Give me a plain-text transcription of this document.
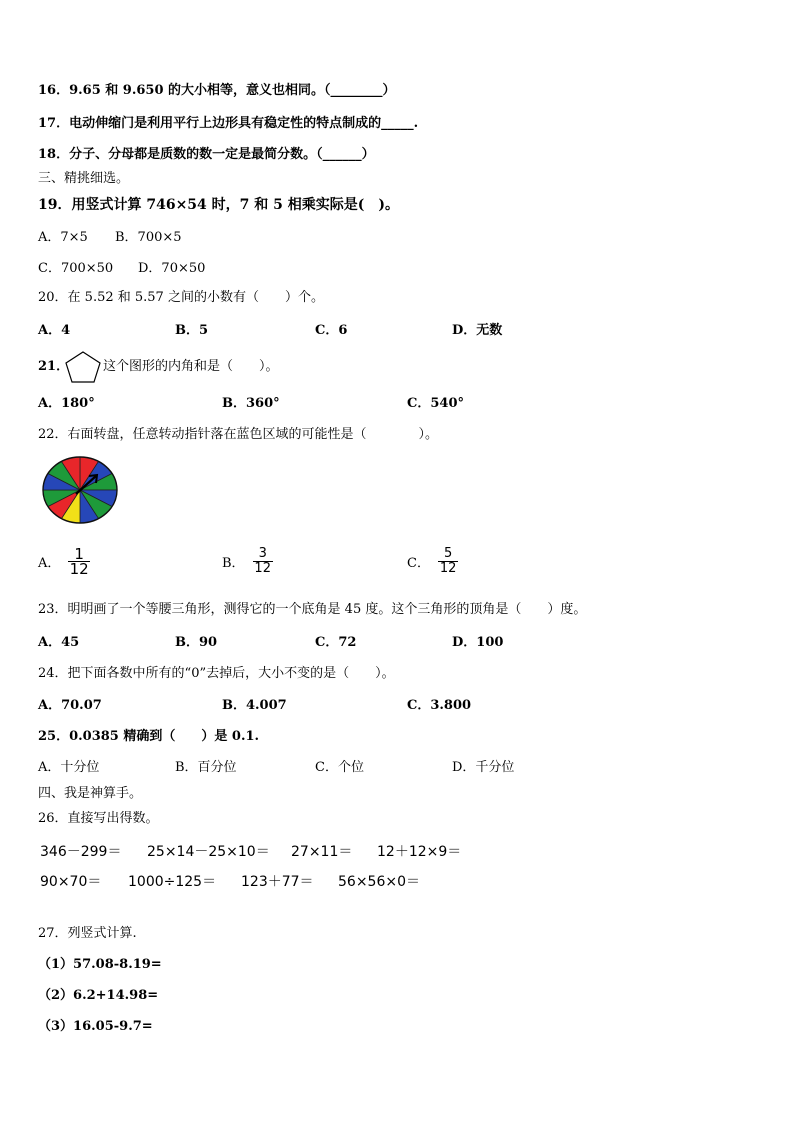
16．9.65 和 9.650 的大小相等，意义也相同。（________）
17．电动伸缩门是利用平行上边形具有稳定性的特点制成的_____.
18．分子、分母都是质数的数一定是最简分数。（______）
三、精挑细选。
19．用竖式计算 746×54 时，7 和 5 相乘实际是(　)。
A．7×5 B．700×5
C．700×50 D．70×50
20．在 5.52 和 5.57 之间的小数有（　　）个。
A．4	B．5	C．6	D．无数
21．	这个图形的内角和是（　　）。
A．180°	B．360°	C．540°
22．右面转盘，任意转动指针落在蓝色区域的可能性是（　　　　）。
A． $\frac{1}{12}$	B． $\frac{3}{12}$	C． $\frac{5}{12}$
23．明明画了一个等腰三角形，测得它的一个底角是 45 度。这个三角形的顶角是（　　）度。
A．45	B．90	C．72	D．100
24．把下面各数中所有的“0”去掉后，大小不变的是（　　）。
A．70.07	B．4.007	C．3.800
25．0.0385 精确到（　　）是 0.1.
A．十分位	B．百分位	C．个位	D．千分位
四、我是神算手。
26．直接写出得数。
346－299＝ 25×14－25×10＝ 27×11＝ 12＋12×9＝
90×70＝ 1000÷125＝ 123＋77＝ 56×56×0＝
27．列竖式计算.
（1）57.08-8.19=
（2）6.2+14.98=
（3）16.05-9.7=
